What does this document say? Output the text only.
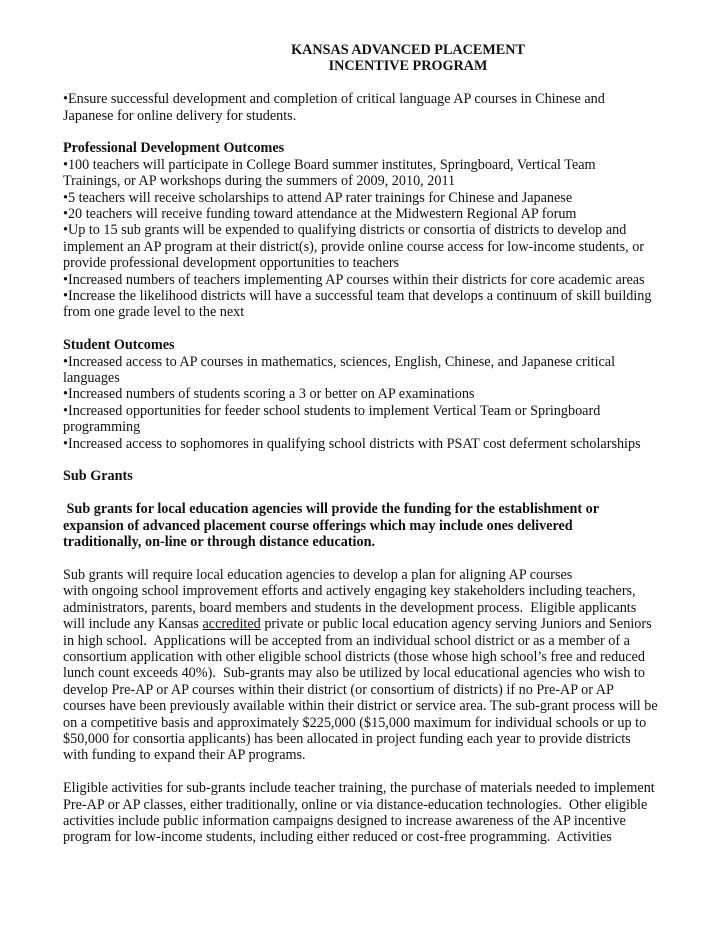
KANSAS ADVANCED PLACEMENT
INCENTIVE PROGRAM
•Ensure successful development and completion of critical language AP courses in Chinese and
Japanese for online delivery for students.
Professional Development Outcomes
•100 teachers will participate in College Board summer institutes, Springboard, Vertical Team
Trainings, or AP workshops during the summers of 2009, 2010, 2011
•5 teachers will receive scholarships to attend AP rater trainings for Chinese and Japanese
•20 teachers will receive funding toward attendance at the Midwestern Regional AP forum
•Up to 15 sub grants will be expended to qualifying districts or consortia of districts to develop and
implement an AP program at their district(s), provide online course access for low-income students, or
provide professional development opportunities to teachers
•Increased numbers of teachers implementing AP courses within their districts for core academic areas
•Increase the likelihood districts will have a successful team that develops a continuum of skill building
from one grade level to the next
Student Outcomes
•Increased access to AP courses in mathematics, sciences, English, Chinese, and Japanese critical
languages
•Increased numbers of students scoring a 3 or better on AP examinations
•Increased opportunities for feeder school students to implement Vertical Team or Springboard
programming
•Increased access to sophomores in qualifying school districts with PSAT cost deferment scholarships
Sub Grants
Sub grants for local education agencies will provide the funding for the establishment or
expansion of advanced placement course offerings which may include ones delivered
traditionally, on-line or through distance education.
Sub grants will require local education agencies to develop a plan for aligning AP courses
with ongoing school improvement efforts and actively engaging key stakeholders including teachers,
administrators, parents, board members and students in the development process.  Eligible applicants
will include any Kansas accredited private or public local education agency serving Juniors and Seniors
in high school.  Applications will be accepted from an individual school district or as a member of a
consortium application with other eligible school districts (those whose high school’s free and reduced
lunch count exceeds 40%).  Sub-grants may also be utilized by local educational agencies who wish to
develop Pre-AP or AP courses within their district (or consortium of districts) if no Pre-AP or AP
courses have been previously available within their district or service area. The sub-grant process will be
on a competitive basis and approximately $225,000 ($15,000 maximum for individual schools or up to
$50,000 for consortia applicants) has been allocated in project funding each year to provide districts
with funding to expand their AP programs.
Eligible activities for sub-grants include teacher training, the purchase of materials needed to implement
Pre-AP or AP classes, either traditionally, online or via distance-education technologies.  Other eligible
activities include public information campaigns designed to increase awareness of the AP incentive
program for low-income students, including either reduced or cost-free programming.  Activities
